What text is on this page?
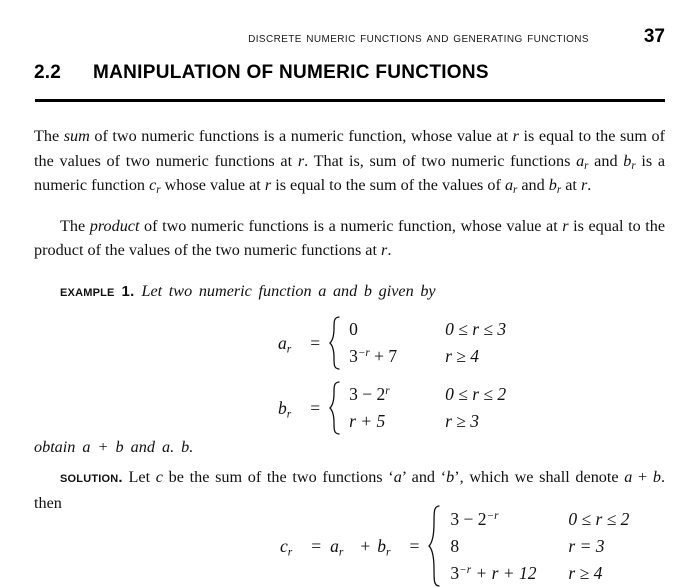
discrete numeric functions and generating functions	37
2.2 MANIPULATION OF NUMERIC FUNCTIONS

The sum of two numeric functions is a numeric function, whose value at r is equal to the sum of the values of two numeric functions at r. That is, sum of two numeric functions $a_r$ and $b_r$ is a numeric function $c_r$ whose value at r is equal to the sum of the values of $a_r$ and $b_r$ at r.

The product of two numeric functions is a numeric function, whose value at r is equal to the product of the values of the two numeric functions at r.

example 1. Let two numeric function a and b given by

$a_r$ =
0	0 ≤ r ≤ 3
$3^{-r} + 7$	r ≥ 4
$b_r$ =
$3 - 2^r$	0 ≤ r ≤ 2
r + 5	r ≥ 3
obtain a + b and a. b.
solution. Let c be the sum of the two functions ‘a’ and ‘b’, which we shall denote a + b. then
$c_r = a_r + b_r$ =
$3 - 2^{-r}$	0 ≤ r ≤ 2
8	r = 3
$3^{-r} + r + 12$	r ≥ 4
